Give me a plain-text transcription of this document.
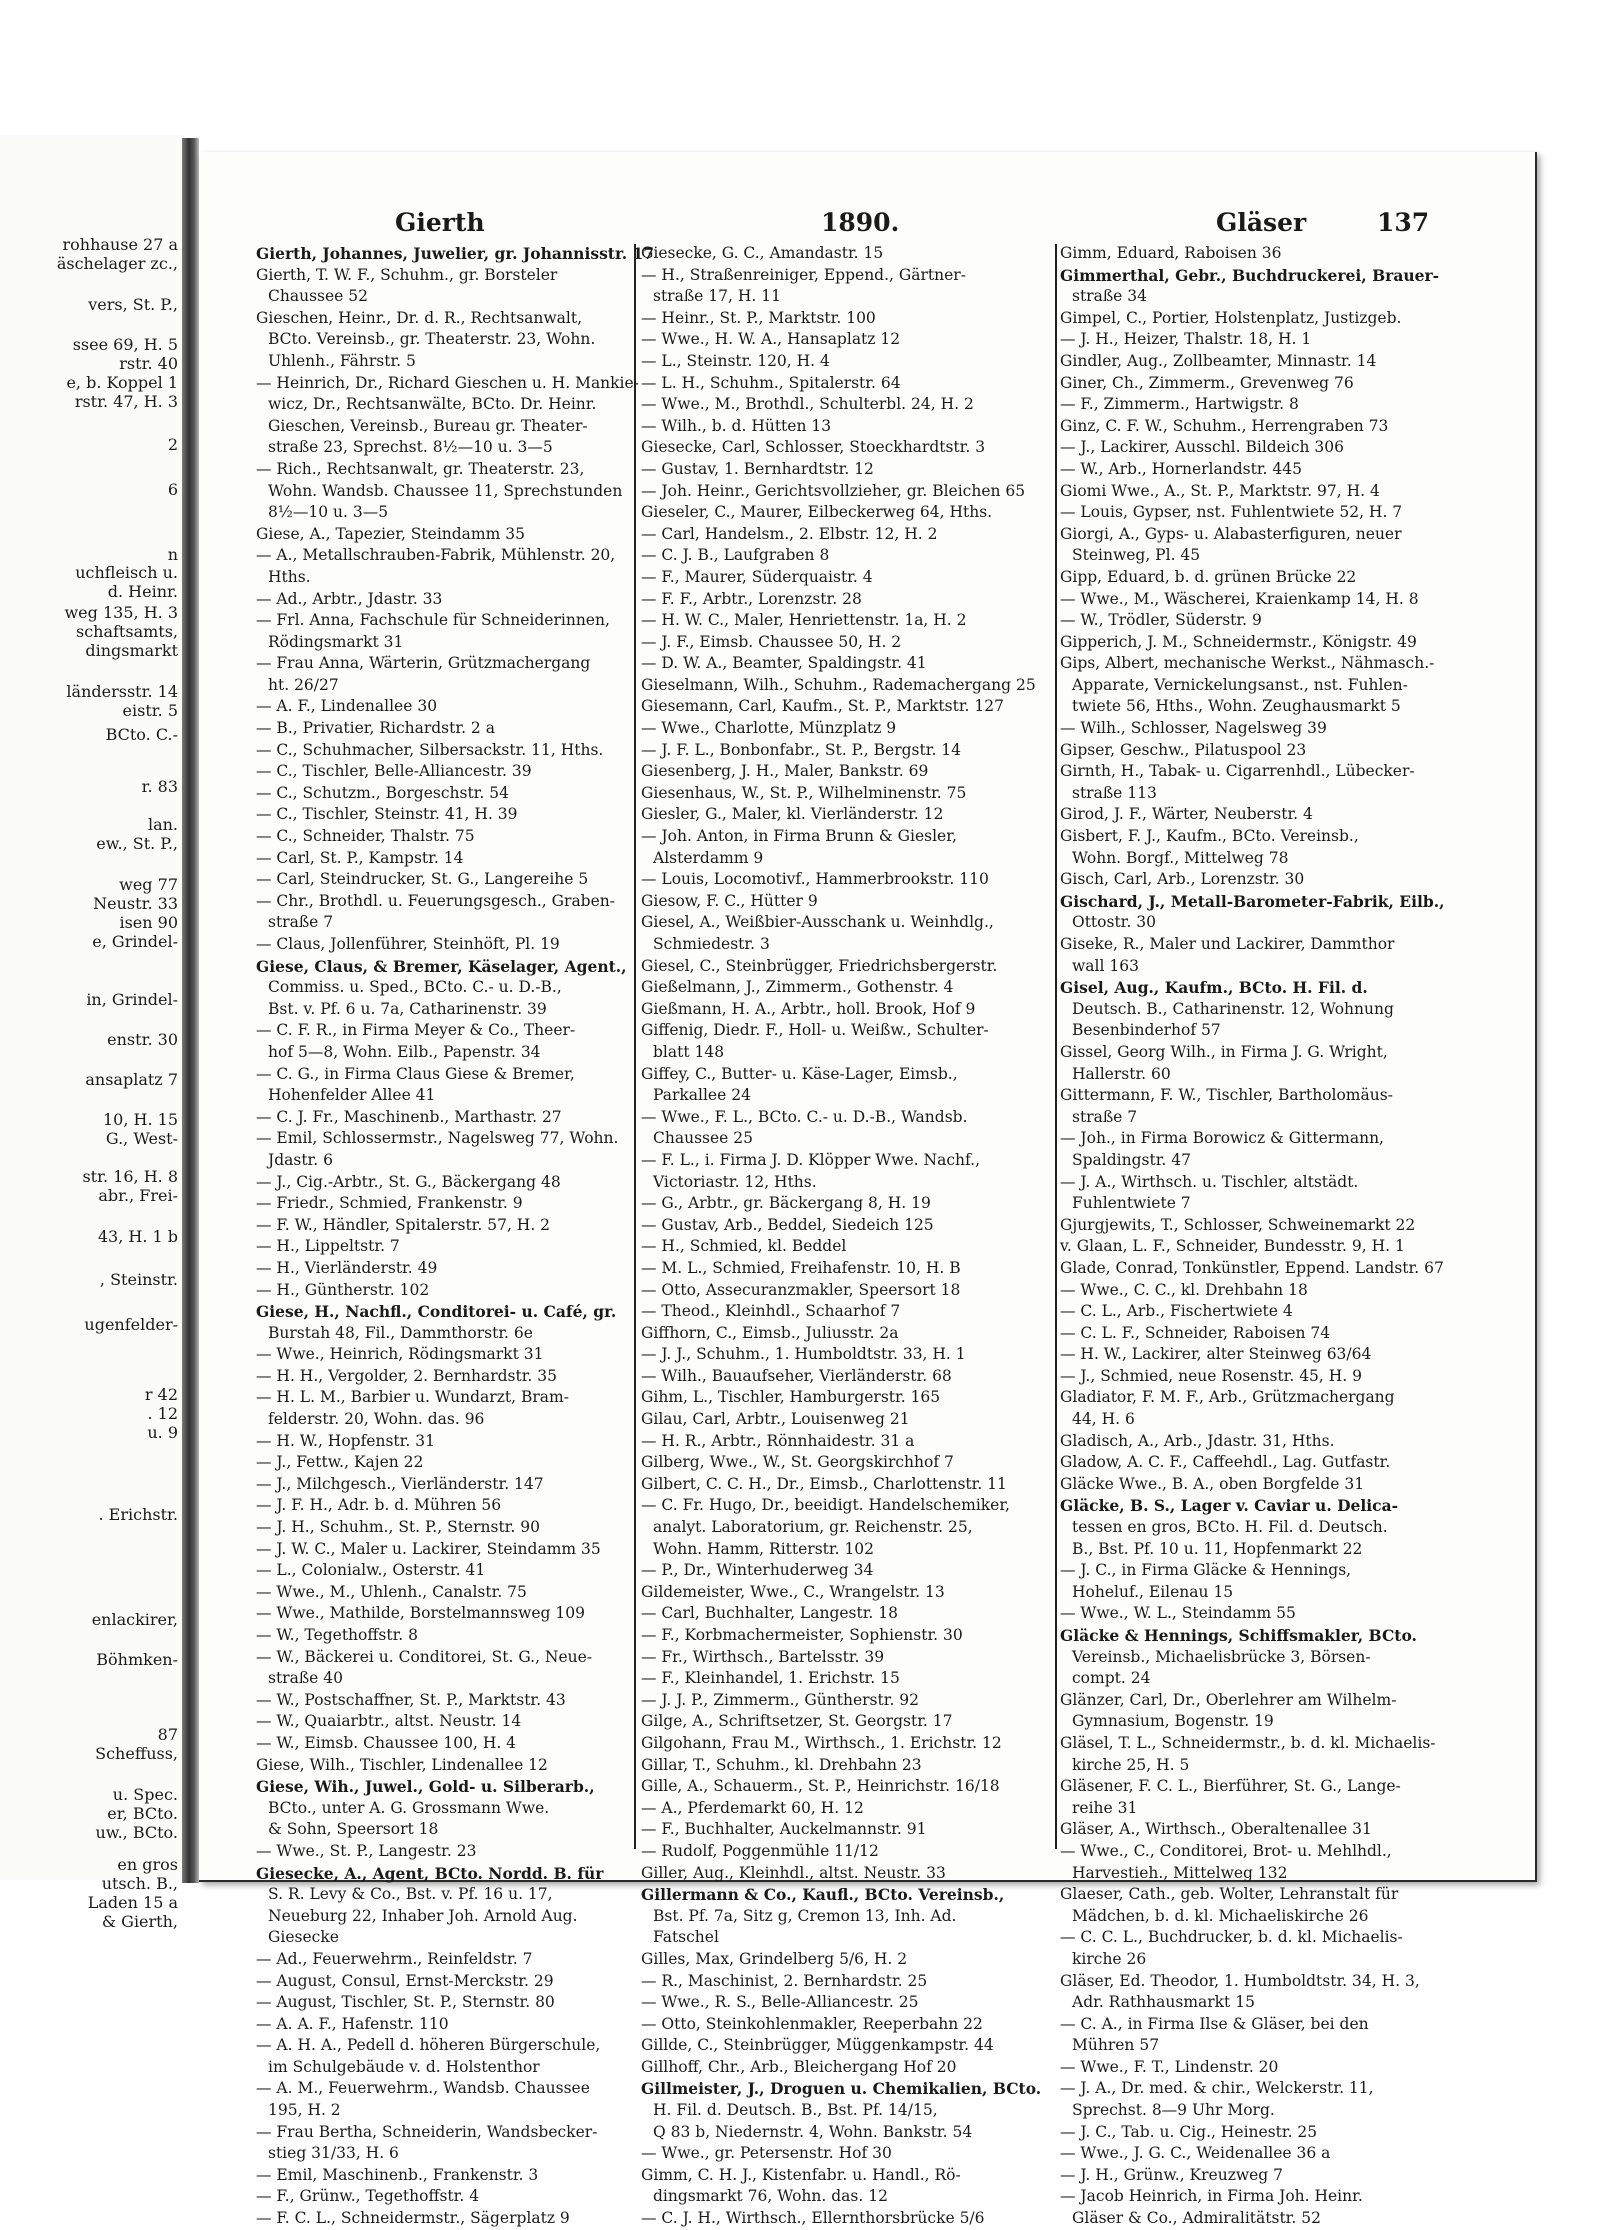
rohhause 27 a
äschelager zc.,
vers, St. P.,
ssee 69, H. 5
rstr. 40
e, b. Koppel 1
rstr. 47, H. 3
2
6
n
uchfleisch u.
d. Heinr.
weg 135, H. 3
schaftsamts,
dingsmarkt
ländersstr. 14
eistr. 5
BCto. C.-
r. 83
lan.
ew., St. P.,
weg 77
Neustr. 33
isen 90
e, Grindel-
in, Grindel-
enstr. 30
ansaplatz 7
10, H. 15
G., West-
str. 16, H. 8
abr., Frei-
43, H. 1 b
, Steinstr.
ugenfelder-
r 42
. 12
u. 9
. Erichstr.
enlackirer,
Böhmken-
87
Scheffuss,
u. Spec.
er, BCto.
uw., BCto.
en gros
utsch. B.,
Laden 15 a
& Gierth,
Gierth	1890.	Gläser	137
Gierth, Johannes, Juwelier, gr. Johannisstr. 17
Gierth, T. W. F., Schuhm., gr. Borsteler
Chaussee 52
Gieschen, Heinr., Dr. d. R., Rechtsanwalt,
BCto. Vereinsb., gr. Theaterstr. 23, Wohn.
Uhlenh., Fährstr. 5
— Heinrich, Dr., Richard Gieschen u. H. Mankie-
wicz, Dr., Rechtsanwälte, BCto. Dr. Heinr.
Gieschen, Vereinsb., Bureau gr. Theater-
straße 23, Sprechst. 8½—10 u. 3—5
— Rich., Rechtsanwalt, gr. Theaterstr. 23,
Wohn. Wandsb. Chaussee 11, Sprechstunden
8½—10 u. 3—5
Giese, A., Tapezier, Steindamm 35
— A., Metallschrauben-Fabrik, Mühlenstr. 20,
Hths.
— Ad., Arbtr., Jdastr. 33
— Frl. Anna, Fachschule für Schneiderinnen,
Rödingsmarkt 31
— Frau Anna, Wärterin, Grützmachergang
ht. 26/27
— A. F., Lindenallee 30
— B., Privatier, Richardstr. 2 a
— C., Schuhmacher, Silbersackstr. 11, Hths.
— C., Tischler, Belle-Alliancestr. 39
— C., Schutzm., Borgeschstr. 54
— C., Tischler, Steinstr. 41, H. 39
— C., Schneider, Thalstr. 75
— Carl, St. P., Kampstr. 14
— Carl, Steindrucker, St. G., Langereihe 5
— Chr., Brothdl. u. Feuerungsgesch., Graben-
straße 7
— Claus, Jollenführer, Steinhöft, Pl. 19
Giese, Claus, & Bremer, Käselager, Agent.,
Commiss. u. Sped., BCto. C.- u. D.-B.,
Bst. v. Pf. 6 u. 7a, Catharinenstr. 39
— C. F. R., in Firma Meyer & Co., Theer-
hof 5—8, Wohn. Eilb., Papenstr. 34
— C. G., in Firma Claus Giese & Bremer,
Hohenfelder Allee 41
— C. J. Fr., Maschinenb., Marthastr. 27
— Emil, Schlossermstr., Nagelsweg 77, Wohn.
Jdastr. 6
— J., Cig.-Arbtr., St. G., Bäckergang 48
— Friedr., Schmied, Frankenstr. 9
— F. W., Händler, Spitalerstr. 57, H. 2
— H., Lippeltstr. 7
— H., Vierländerstr. 49
— H., Güntherstr. 102
Giese, H., Nachfl., Conditorei- u. Café, gr.
Burstah 48, Fil., Dammthorstr. 6e
— Wwe., Heinrich, Rödingsmarkt 31
— H. H., Vergolder, 2. Bernhardstr. 35
— H. L. M., Barbier u. Wundarzt, Bram-
felderstr. 20, Wohn. das. 96
— H. W., Hopfenstr. 31
— J., Fettw., Kajen 22
— J., Milchgesch., Vierländerstr. 147
— J. F. H., Adr. b. d. Mühren 56
— J. H., Schuhm., St. P., Sternstr. 90
— J. W. C., Maler u. Lackirer, Steindamm 35
— L., Colonialw., Osterstr. 41
— Wwe., M., Uhlenh., Canalstr. 75
— Wwe., Mathilde, Borstelmannsweg 109
— W., Tegethoffstr. 8
— W., Bäckerei u. Conditorei, St. G., Neue-
straße 40
— W., Postschaffner, St. P., Marktstr. 43
— W., Quaiarbtr., altst. Neustr. 14
— W., Eimsb. Chaussee 100, H. 4
Giese, Wilh., Tischler, Lindenallee 12
Giese, Wih., Juwel., Gold- u. Silberarb.,
BCto., unter A. G. Grossmann Wwe.
& Sohn, Speersort 18
— Wwe., St. P., Langestr. 23
Giesecke, A., Agent, BCto. Nordd. B. für
S. R. Levy & Co., Bst. v. Pf. 16 u. 17,
Neueburg 22, Inhaber Joh. Arnold Aug.
Giesecke
— Ad., Feuerwehrm., Reinfeldstr. 7
— August, Consul, Ernst-Merckstr. 29
— August, Tischler, St. P., Sternstr. 80
— A. A. F., Hafenstr. 110
— A. H. A., Pedell d. höheren Bürgerschule,
im Schulgebäude v. d. Holstenthor
— A. M., Feuerwehrm., Wandsb. Chaussee
195, H. 2
— Frau Bertha, Schneiderin, Wandsbecker-
stieg 31/33, H. 6
— Emil, Maschinenb., Frankenstr. 3
— F., Grünw., Tegethoffstr. 4
— F. C. L., Schneidermstr., Sägerplatz 9
Giesecke, G. C., Amandastr. 15
— H., Straßenreiniger, Eppend., Gärtner-
straße 17, H. 11
— Heinr., St. P., Marktstr. 100
— Wwe., H. W. A., Hansaplatz 12
— L., Steinstr. 120, H. 4
— L. H., Schuhm., Spitalerstr. 64
— Wwe., M., Brothdl., Schulterbl. 24, H. 2
— Wilh., b. d. Hütten 13
Giesecke, Carl, Schlosser, Stoeckhardtstr. 3
— Gustav, 1. Bernhardtstr. 12
— Joh. Heinr., Gerichtsvollzieher, gr. Bleichen 65
Gieseler, C., Maurer, Eilbeckerweg 64, Hths.
— Carl, Handelsm., 2. Elbstr. 12, H. 2
— C. J. B., Laufgraben 8
— F., Maurer, Süderquaistr. 4
— F. F., Arbtr., Lorenzstr. 28
— H. W. C., Maler, Henriettenstr. 1a, H. 2
— J. F., Eimsb. Chaussee 50, H. 2
— D. W. A., Beamter, Spaldingstr. 41
Gieselmann, Wilh., Schuhm., Rademachergang 25
Giesemann, Carl, Kaufm., St. P., Marktstr. 127
— Wwe., Charlotte, Münzplatz 9
— J. F. L., Bonbonfabr., St. P., Bergstr. 14
Giesenberg, J. H., Maler, Bankstr. 69
Giesenhaus, W., St. P., Wilhelminenstr. 75
Giesler, G., Maler, kl. Vierländerstr. 12
— Joh. Anton, in Firma Brunn & Giesler,
Alsterdamm 9
— Louis, Locomotivf., Hammerbrookstr. 110
Giesow, F. C., Hütter 9
Giesel, A., Weißbier-Ausschank u. Weinhdlg.,
Schmiedestr. 3
Giesel, C., Steinbrügger, Friedrichsbergerstr.
Gießelmann, J., Zimmerm., Gothenstr. 4
Gießmann, H. A., Arbtr., holl. Brook, Hof 9
Giffenig, Diedr. F., Holl- u. Weißw., Schulter-
blatt 148
Giffey, C., Butter- u. Käse-Lager, Eimsb.,
Parkallee 24
— Wwe., F. L., BCto. C.- u. D.-B., Wandsb.
Chaussee 25
— F. L., i. Firma J. D. Klöpper Wwe. Nachf.,
Victoriastr. 12, Hths.
— G., Arbtr., gr. Bäckergang 8, H. 19
— Gustav, Arb., Beddel, Siedeich 125
— H., Schmied, kl. Beddel
— M. L., Schmied, Freihafenstr. 10, H. B
— Otto, Assecuranzmakler, Speersort 18
— Theod., Kleinhdl., Schaarhof 7
Giffhorn, C., Eimsb., Juliusstr. 2a
— J. J., Schuhm., 1. Humboldtstr. 33, H. 1
— Wilh., Bauaufseher, Vierländerstr. 68
Gihm, L., Tischler, Hamburgerstr. 165
Gilau, Carl, Arbtr., Louisenweg 21
— H. R., Arbtr., Rönnhaidestr. 31 a
Gilberg, Wwe., W., St. Georgskirchhof 7
Gilbert, C. C. H., Dr., Eimsb., Charlottenstr. 11
— C. Fr. Hugo, Dr., beeidigt. Handelschemiker,
analyt. Laboratorium, gr. Reichenstr. 25,
Wohn. Hamm, Ritterstr. 102
— P., Dr., Winterhuderweg 34
Gildemeister, Wwe., C., Wrangelstr. 13
— Carl, Buchhalter, Langestr. 18
— F., Korbmachermeister, Sophienstr. 30
— Fr., Wirthsch., Bartelsstr. 39
— F., Kleinhandel, 1. Erichstr. 15
— J. J. P., Zimmerm., Güntherstr. 92
Gilge, A., Schriftsetzer, St. Georgstr. 17
Gilgohann, Frau M., Wirthsch., 1. Erichstr. 12
Gillar, T., Schuhm., kl. Drehbahn 23
Gille, A., Schauerm., St. P., Heinrichstr. 16/18
— A., Pferdemarkt 60, H. 12
— F., Buchhalter, Auckelmannstr. 91
— Rudolf, Poggenmühle 11/12
Giller, Aug., Kleinhdl., altst. Neustr. 33
Gillermann & Co., Kaufl., BCto. Vereinsb.,
Bst. Pf. 7a, Sitz g, Cremon 13, Inh. Ad.
Fatschel
Gilles, Max, Grindelberg 5/6, H. 2
— R., Maschinist, 2. Bernhardstr. 25
— Wwe., R. S., Belle-Alliancestr. 25
— Otto, Steinkohlenmakler, Reeperbahn 22
Gillde, C., Steinbrügger, Müggenkampstr. 44
Gillhoff, Chr., Arb., Bleichergang Hof 20
Gillmeister, J., Droguen u. Chemikalien, BCto.
H. Fil. d. Deutsch. B., Bst. Pf. 14/15,
Q 83 b, Niedernstr. 4, Wohn. Bankstr. 54
— Wwe., gr. Petersenstr. Hof 30
Gimm, C. H. J., Kistenfabr. u. Handl., Rö-
dingsmarkt 76, Wohn. das. 12
— C. J. H., Wirthsch., Ellernthorsbrücke 5/6
Gimm, Eduard, Raboisen 36
Gimmerthal, Gebr., Buchdruckerei, Brauer-
straße 34
Gimpel, C., Portier, Holstenplatz, Justizgeb.
— J. H., Heizer, Thalstr. 18, H. 1
Gindler, Aug., Zollbeamter, Minnastr. 14
Giner, Ch., Zimmerm., Grevenweg 76
— F., Zimmerm., Hartwigstr. 8
Ginz, C. F. W., Schuhm., Herrengraben 73
— J., Lackirer, Ausschl. Bildeich 306
— W., Arb., Hornerlandstr. 445
Giomi Wwe., A., St. P., Marktstr. 97, H. 4
— Louis, Gypser, nst. Fuhlentwiete 52, H. 7
Giorgi, A., Gyps- u. Alabasterfiguren, neuer
Steinweg, Pl. 45
Gipp, Eduard, b. d. grünen Brücke 22
— Wwe., M., Wäscherei, Kraienkamp 14, H. 8
— W., Trödler, Süderstr. 9
Gipperich, J. M., Schneidermstr., Königstr. 49
Gips, Albert, mechanische Werkst., Nähmasch.-
Apparate, Vernickelungsanst., nst. Fuhlen-
twiete 56, Hths., Wohn. Zeughausmarkt 5
— Wilh., Schlosser, Nagelsweg 39
Gipser, Geschw., Pilatuspool 23
Girnth, H., Tabak- u. Cigarrenhdl., Lübecker-
straße 113
Girod, J. F., Wärter, Neuberstr. 4
Gisbert, F. J., Kaufm., BCto. Vereinsb.,
Wohn. Borgf., Mittelweg 78
Gisch, Carl, Arb., Lorenzstr. 30
Gischard, J., Metall-Barometer-Fabrik, Eilb.,
Ottostr. 30
Giseke, R., Maler und Lackirer, Dammthor
wall 163
Gisel, Aug., Kaufm., BCto. H. Fil. d.
Deutsch. B., Catharinenstr. 12, Wohnung
Besenbinderhof 57
Gissel, Georg Wilh., in Firma J. G. Wright,
Hallerstr. 60
Gittermann, F. W., Tischler, Bartholomäus-
straße 7
— Joh., in Firma Borowicz & Gittermann,
Spaldingstr. 47
— J. A., Wirthsch. u. Tischler, altstädt.
Fuhlentwiete 7
Gjurgjewits, T., Schlosser, Schweinemarkt 22
v. Glaan, L. F., Schneider, Bundesstr. 9, H. 1
Glade, Conrad, Tonkünstler, Eppend. Landstr. 67
— Wwe., C. C., kl. Drehbahn 18
— C. L., Arb., Fischertwiete 4
— C. L. F., Schneider, Raboisen 74
— H. W., Lackirer, alter Steinweg 63/64
— J., Schmied, neue Rosenstr. 45, H. 9
Gladiator, F. M. F., Arb., Grützmachergang
44, H. 6
Gladisch, A., Arb., Jdastr. 31, Hths.
Gladow, A. C. F., Caffeehdl., Lag. Gutfastr.
Gläcke Wwe., B. A., oben Borgfelde 31
Gläcke, B. S., Lager v. Caviar u. Delica-
tessen en gros, BCto. H. Fil. d. Deutsch.
B., Bst. Pf. 10 u. 11, Hopfenmarkt 22
— J. C., in Firma Gläcke & Hennings,
Hoheluf., Eilenau 15
— Wwe., W. L., Steindamm 55
Gläcke & Hennings, Schiffsmakler, BCto.
Vereinsb., Michaelisbrücke 3, Börsen-
compt. 24
Glänzer, Carl, Dr., Oberlehrer am Wilhelm-
Gymnasium, Bogenstr. 19
Gläsel, T. L., Schneidermstr., b. d. kl. Michaelis-
kirche 25, H. 5
Gläsener, F. C. L., Bierführer, St. G., Lange-
reihe 31
Gläser, A., Wirthsch., Oberaltenallee 31
— Wwe., C., Conditorei, Brot- u. Mehlhdl.,
Harvestieh., Mittelweg 132
Glaeser, Cath., geb. Wolter, Lehranstalt für
Mädchen, b. d. kl. Michaeliskirche 26
— C. C. L., Buchdrucker, b. d. kl. Michaelis-
kirche 26
Gläser, Ed. Theodor, 1. Humboldtstr. 34, H. 3,
Adr. Rathhausmarkt 15
— C. A., in Firma Ilse & Gläser, bei den
Mühren 57
— Wwe., F. T., Lindenstr. 20
— J. A., Dr. med. & chir., Welckerstr. 11,
Sprechst. 8—9 Uhr Morg.
— J. C., Tab. u. Cig., Heinestr. 25
— Wwe., J. G. C., Weidenallee 36 a
— J. H., Grünw., Kreuzweg 7
— Jacob Heinrich, in Firma Joh. Heinr.
Gläser & Co., Admiralitätstr. 52
